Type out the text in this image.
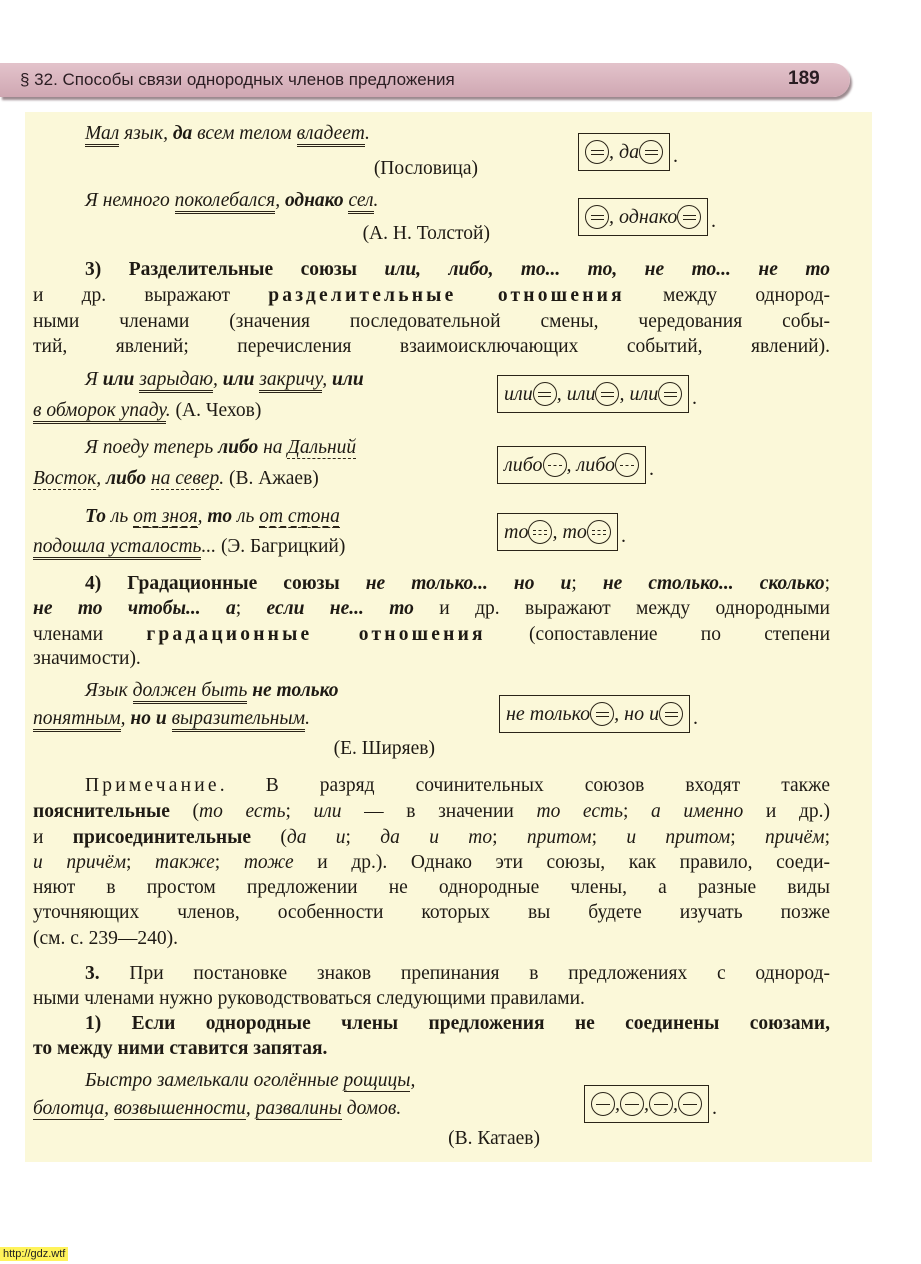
§ 32. Способы связи однородных членов предложения	189
Мал язык, да всем телом владеет.
(Пословица)
Я немного поколебался, однако сел.
(А. Н. Толстой)
3) Разделительные союзы или, либо, то... то, не то... не то
и др. выражают разделительные отношения между однород-
ными членами (значения последовательной смены, чередования собы-
тий, явлений; перечисления взаимоисключающих событий, явлений).
Я или зарыдаю, или закричу, или
в обморок упаду. (А. Чехов)
Я поеду теперь либо на Дальний
Восток, либо на север. (В. Ажаев)
То ль от зноя, то ль от стона
подошла усталость... (Э. Багрицкий)
4) Градационные союзы не только... но и; не столько... сколько;
не то чтобы... а; если не... то и др. выражают между однородными
членами градационные отношения (сопоставление по степени
значимости).
Язык должен быть не только
понятным, но и выразительным.
(Е. Ширяев)
Примечание. В разряд сочинительных союзов входят также
пояснительные (то есть; или — в значении то есть; а именно и др.)
и присоединительные (да и; да и то; притом; и притом; причём;
и причём; также; тоже и др.). Однако эти союзы, как правило, соеди-
няют в простом предложении не однородные члены, а разные виды
уточняющих членов, особенности которых вы будете изучать позже
(см. с. 239—240).
3. При постановке знаков препинания в предложениях с однород-
ными членами нужно руководствоваться следующими правилами.
1) Если однородные члены предложения не соединены союзами,
то между ними ставится запятая.
Быстро замелькали оголённые рощицы,
болотца, возвышенности, развалины домов.
(В. Катаев)
, да
, однако
или , или , или
либо , либо
то , то
не только , но и
, , ,
http://gdz.wtf
.
.
.
.
.
.
.
